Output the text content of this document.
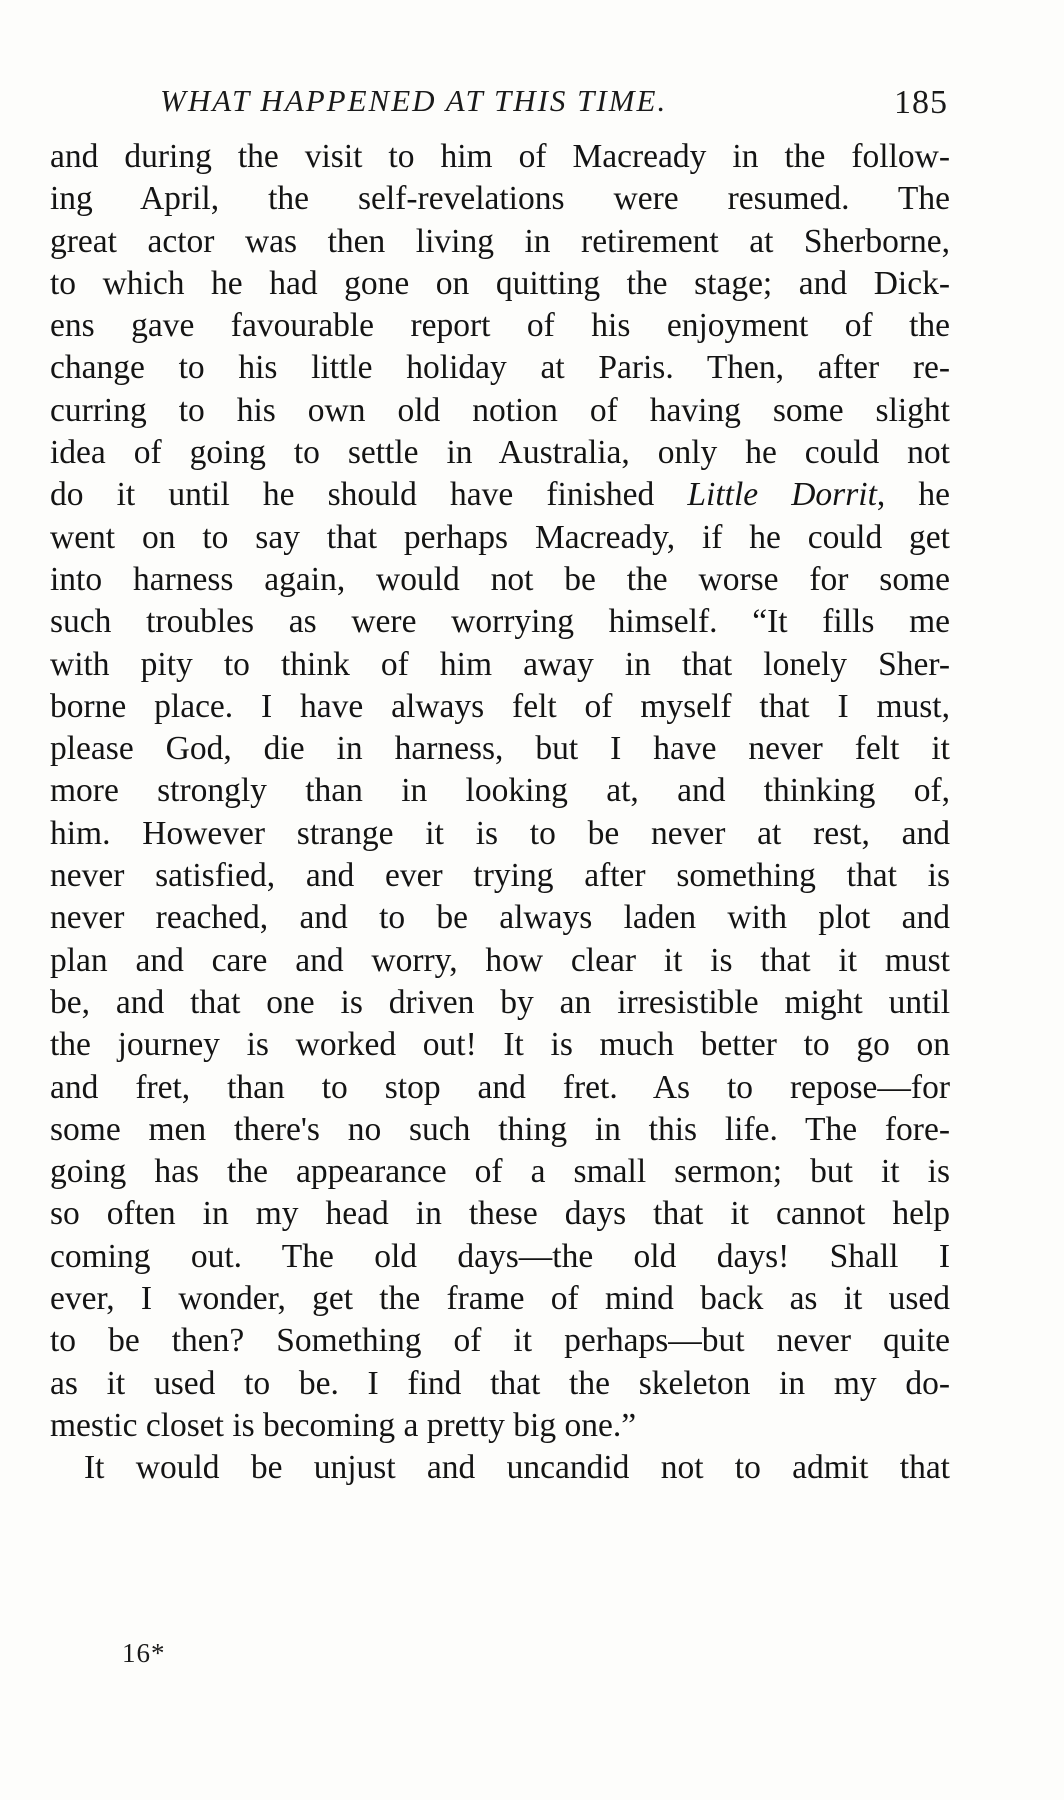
WHAT HAPPENED AT THIS TIME.	185
and during the visit to him of Macready in the follow-
ing April, the self-revelations were resumed. The
great actor was then living in retirement at Sherborne,
to which he had gone on quitting the stage; and Dick-
ens gave favourable report of his enjoyment of the
change to his little holiday at Paris. Then, after re-
curring to his own old notion of having some slight
idea of going to settle in Australia, only he could not
do it until he should have finished Little Dorrit, he
went on to say that perhaps Macready, if he could get
into harness again, would not be the worse for some
such troubles as were worrying himself. “It fills me
with pity to think of him away in that lonely Sher-
borne place. I have always felt of myself that I must,
please God, die in harness, but I have never felt it
more strongly than in looking at, and thinking of,
him. However strange it is to be never at rest, and
never satisfied, and ever trying after something that is
never reached, and to be always laden with plot and
plan and care and worry, how clear it is that it must
be, and that one is driven by an irresistible might until
the journey is worked out! It is much better to go on
and fret, than to stop and fret. As to repose—for
some men there's no such thing in this life. The fore-
going has the appearance of a small sermon; but it is
so often in my head in these days that it cannot help
coming out. The old days—the old days! Shall I
ever, I wonder, get the frame of mind back as it used
to be then? Something of it perhaps—but never quite
as it used to be. I find that the skeleton in my do-
mestic closet is becoming a pretty big one.”
It would be unjust and uncandid not to admit that
16*
